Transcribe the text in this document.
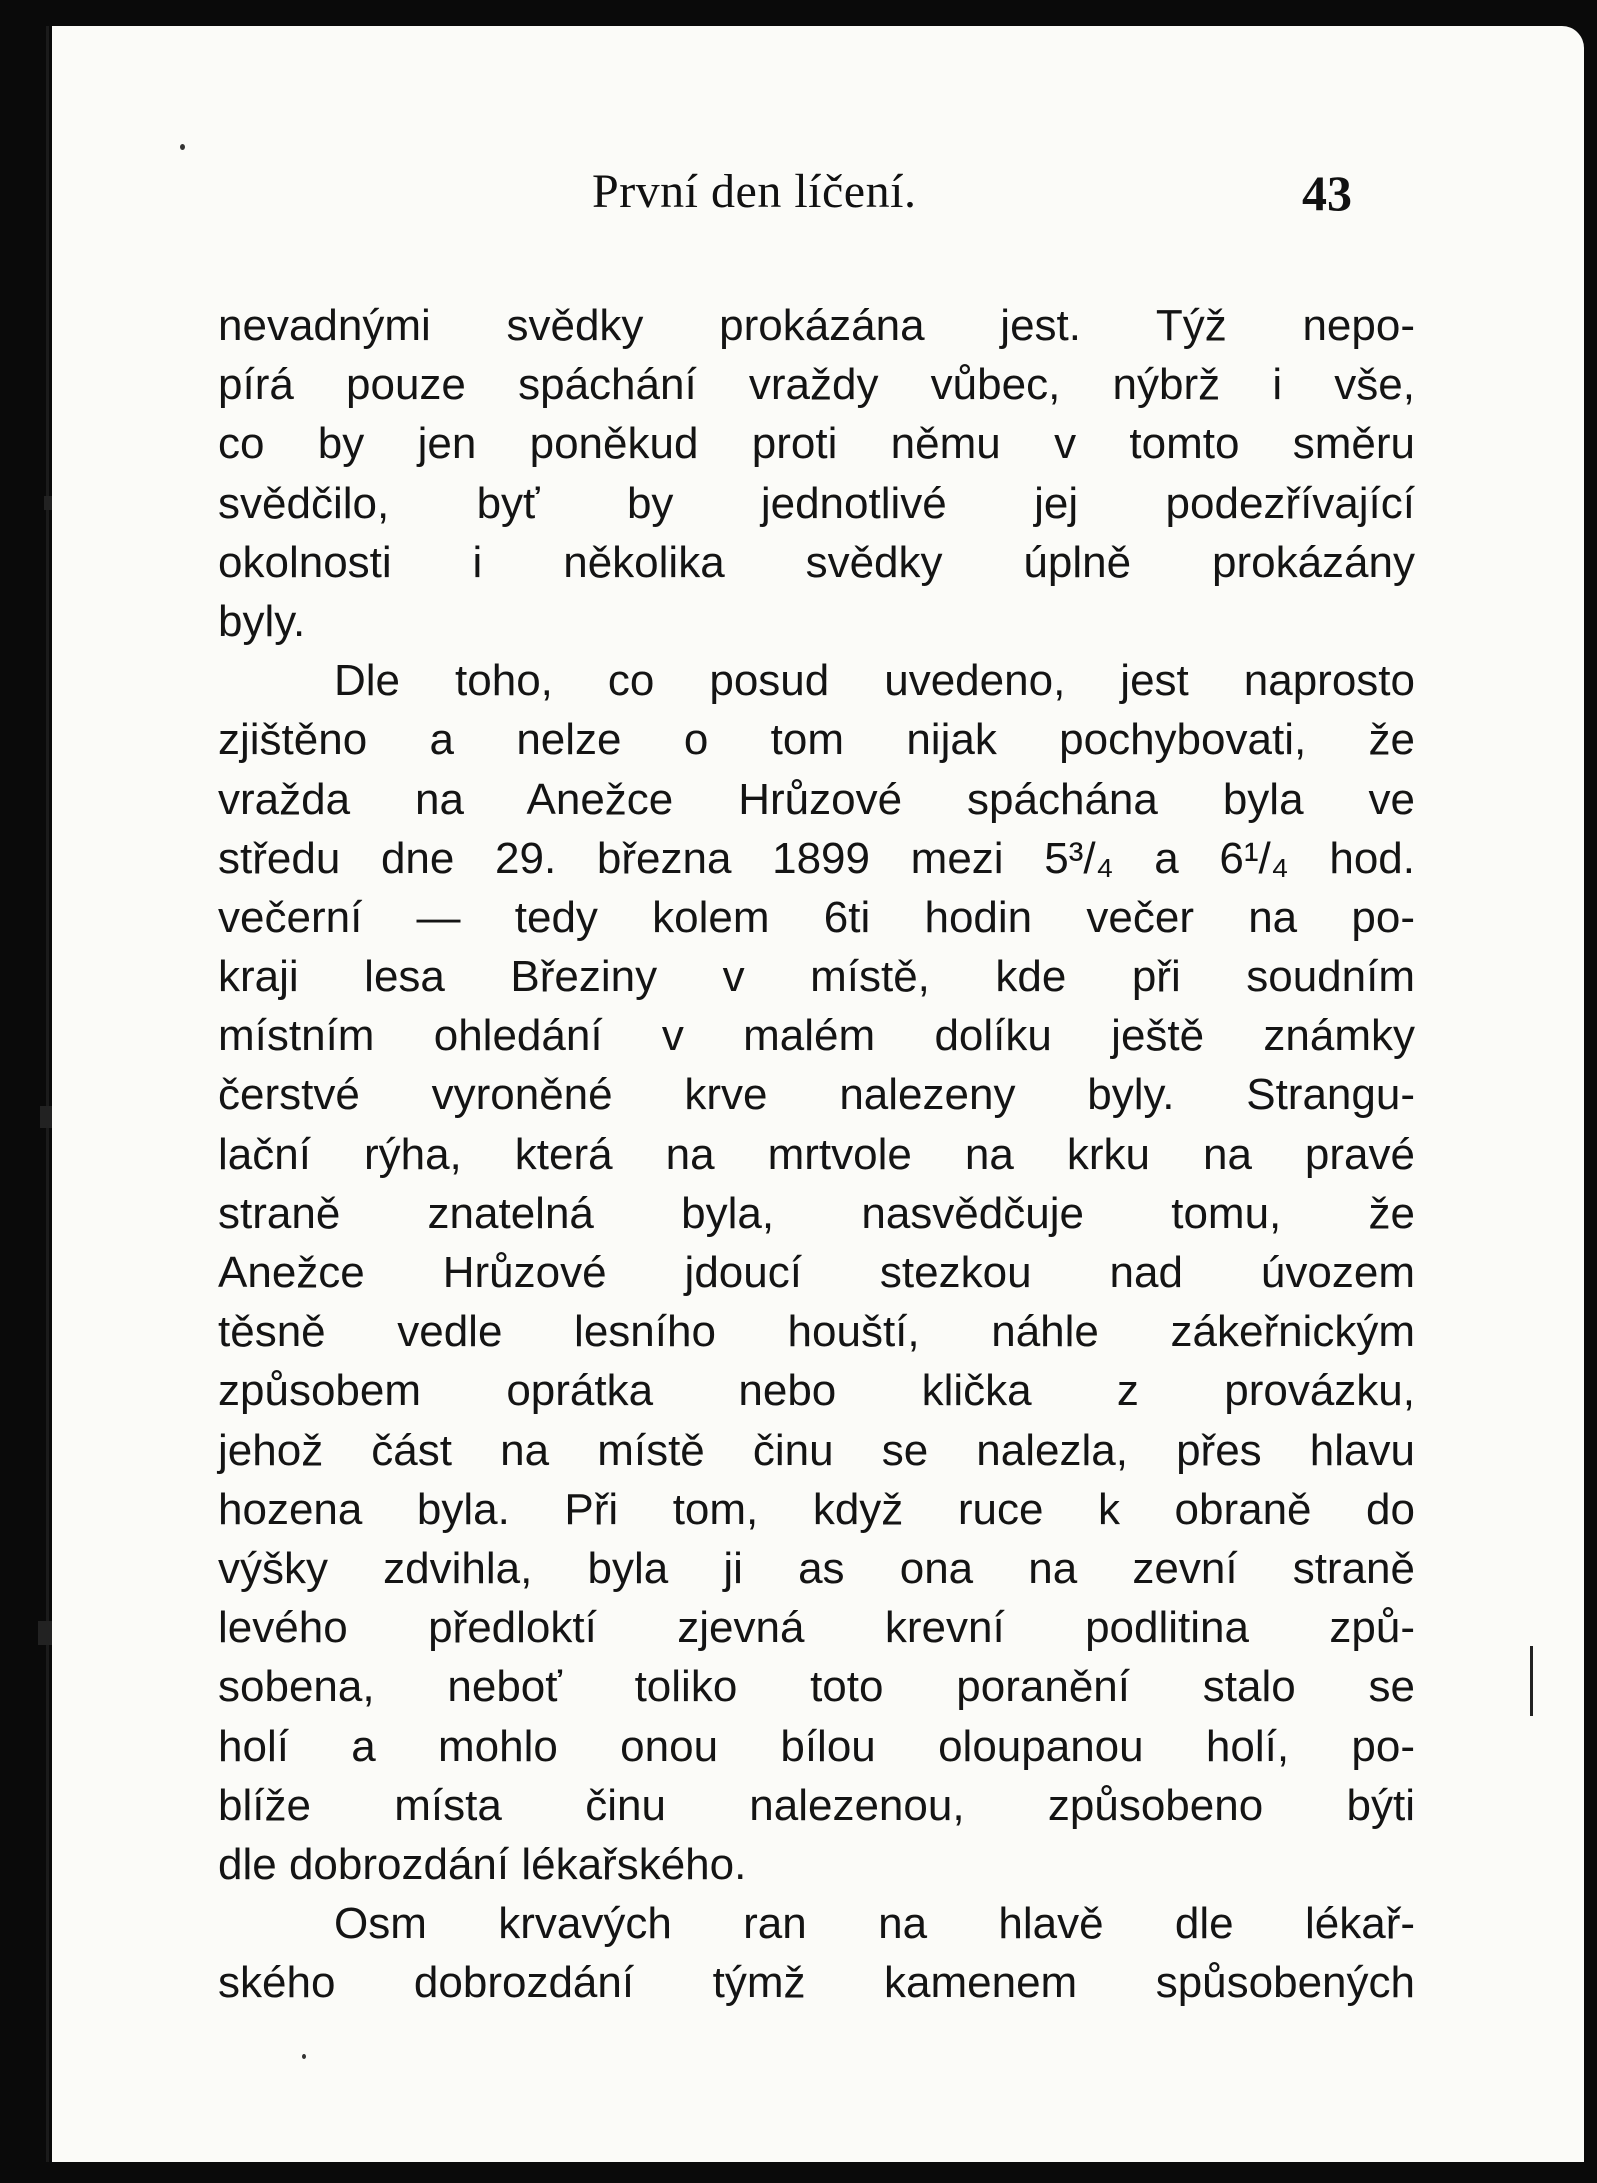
První den líčení.	43

nevadnými svědky prokázána jest. Týž nepo-
pírá pouze spáchání vraždy vůbec, nýbrž i vše,
co by jen poněkud proti němu v tomto směru
svědčilo, byť by jednotlivé jej podezřívající
okolnosti i několika svědky úplně prokázány
byly.

Dle toho, co posud uvedeno, jest naprosto
zjištěno a nelze o tom nijak pochybovati, že
vražda na Anežce Hrůzové spáchána byla ve
středu dne 29. března 1899 mezi 5³/₄ a 6¹/₄ hod.
večerní — tedy kolem 6ti hodin večer na po-
kraji lesa Březiny v místě, kde při soudním
místním ohledání v malém dolíku ještě známky
čerstvé vyroněné krve nalezeny byly. Strangu-
lační rýha, která na mrtvole na krku na pravé
straně znatelná byla, nasvědčuje tomu, že
Anežce Hrůzové jdoucí stezkou nad úvozem
těsně vedle lesního houští, náhle zákeřnickým
způsobem oprátka nebo klička z provázku,
jehož část na místě činu se nalezla, přes hlavu
hozena byla. Při tom, když ruce k obraně do
výšky zdvihla, byla ji as ona na zevní straně
levého předloktí zjevná krevní podlitina způ-
sobena, neboť toliko toto poranění stalo se
holí a mohlo onou bílou oloupanou holí, po-
blíže místa činu nalezenou, způsobeno býti
dle dobrozdání lékařského.

Osm krvavých ran na hlavě dle lékař-
ského dobrozdání týmž kamenem spůsobených
